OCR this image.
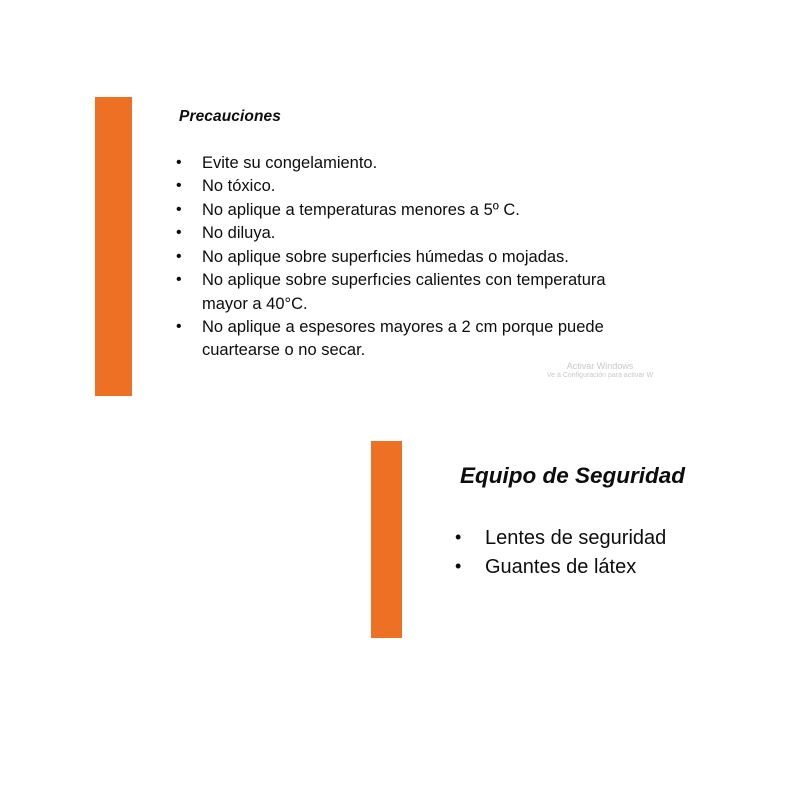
Precauciones
•	Evite su congelamiento.
•	No tóxico.
•	No aplique a temperaturas menores a 5º C.
•	No diluya.
•	No aplique sobre superfıcies húmedas o mojadas.
•	No aplique sobre superfıcies calientes con temperatura mayor a 40°C.
•	No aplique a espesores mayores a 2 cm porque puede cuartearse o no secar.
Activar Windows
Ve a Configuración para activar W
Equipo de Seguridad
•	Lentes de seguridad
•	Guantes de látex
